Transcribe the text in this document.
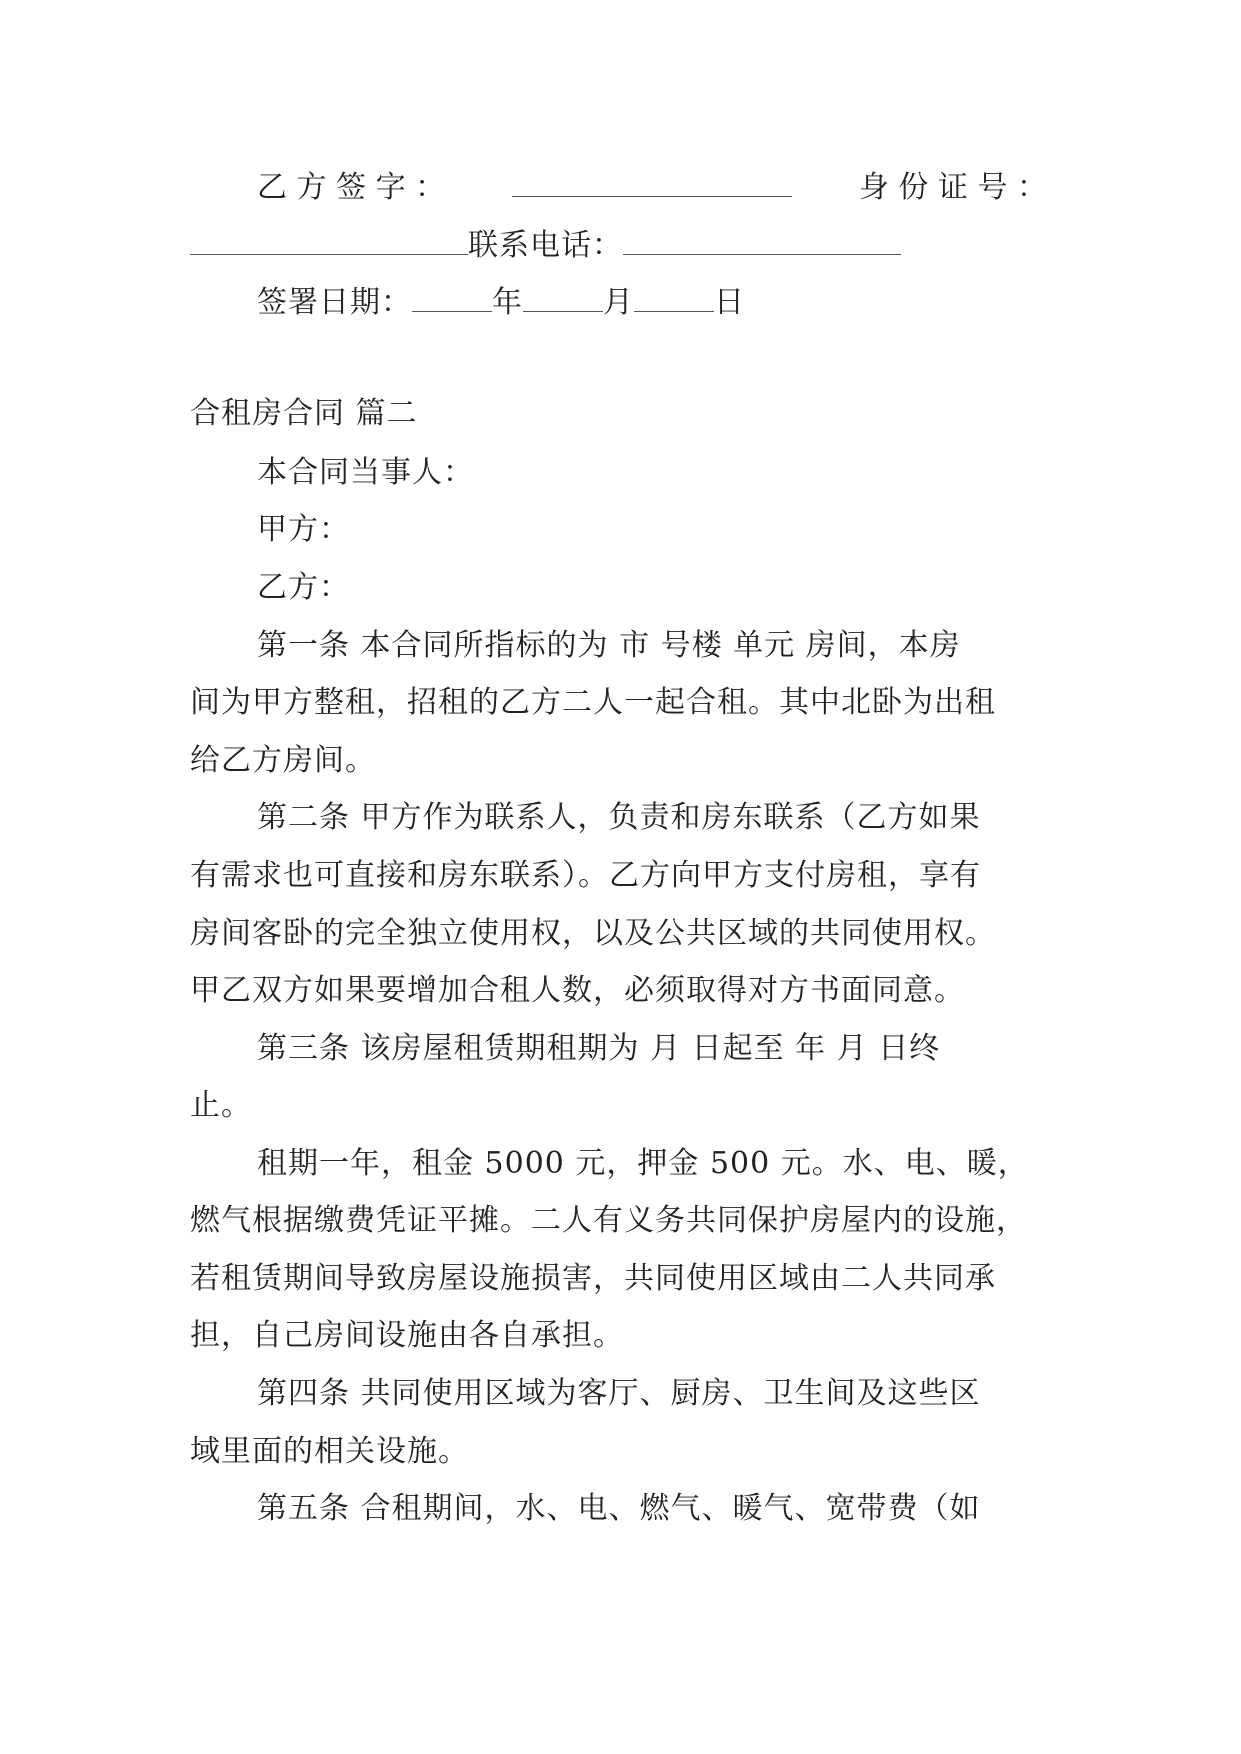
乙 方 签 字 ：	身 份 证 号 ：
联系电话：
签署日期：	年	月	日
合租房合同 篇二
本合同当事人：
甲方：
乙方：
第一条 本合同所指标的为 市 号楼 单元 房间，本房
间为甲方整租，招租的乙方二人一起合租。其中北卧为出租
给乙方房间。
第二条 甲方作为联系人，负责和房东联系（乙方如果
有需求也可直接和房东联系）。乙方向甲方支付房租，享有
房间客卧的完全独立使用权，以及公共区域的共同使用权。
甲乙双方如果要增加合租人数，必须取得对方书面同意。
第三条 该房屋租赁期租期为 月 日起至 年 月 日终
止。
租期一年，租金 5000 元，押金 500 元。水、电、暖，
燃气根据缴费凭证平摊。二人有义务共同保护房屋内的设施，
若租赁期间导致房屋设施损害，共同使用区域由二人共同承
担，自己房间设施由各自承担。
第四条 共同使用区域为客厅、厨房、卫生间及这些区
域里面的相关设施。
第五条 合租期间，水、电、燃气、暖气、宽带费（如
